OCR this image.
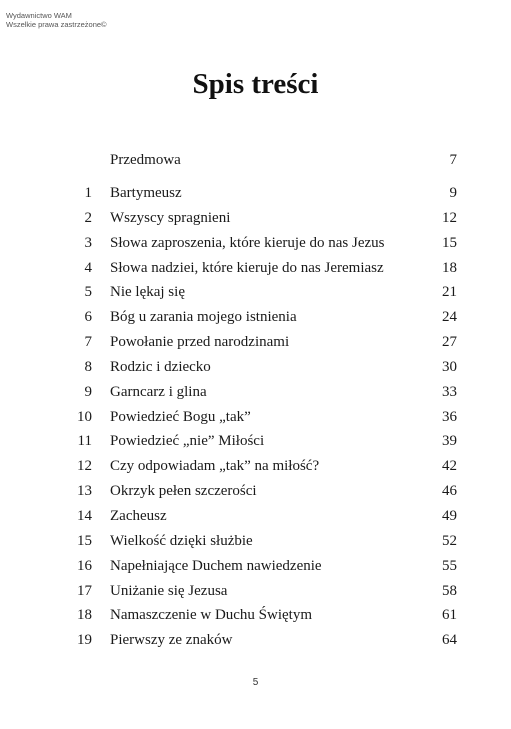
Wydawnictwo WAM
Wszelkie prawa zastrzeżone©
Spis treści
Przedmowa	7
1 Bartymeusz	9
2 Wszyscy spragnieni	12
3 Słowa zaproszenia, które kieruje do nas Jezus	15
4 Słowa nadziei, które kieruje do nas Jeremiasz	18
5 Nie lękaj się	21
6 Bóg u zarania mojego istnienia	24
7 Powołanie przed narodzinami	27
8 Rodzic i dziecko	30
9 Garncarz i glina	33
10 Powiedzieć Bogu „tak”	36
11 Powiedzieć „nie” Miłości	39
12 Czy odpowiadam „tak” na miłość?	42
13 Okrzyk pełen szczerości	46
14 Zacheusz	49
15 Wielkość dzięki służbie	52
16 Napełniające Duchem nawiedzenie	55
17 Uniżanie się Jezusa	58
18 Namaszczenie w Duchu Świętym	61
19 Pierwszy ze znaków	64
5
